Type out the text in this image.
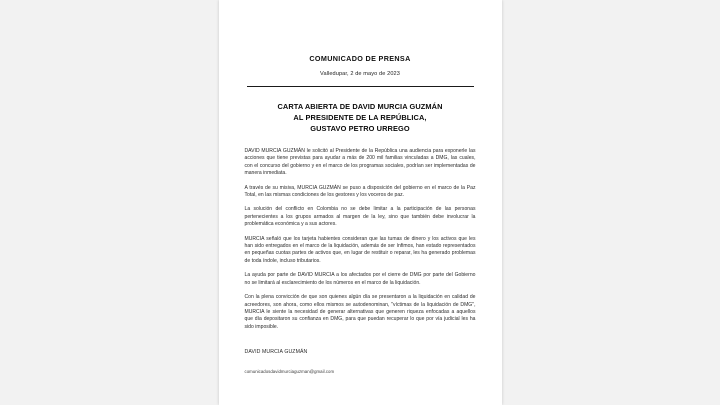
COMUNICADO DE PRENSA
Valledupar, 2 de mayo de 2023
CARTA ABIERTA DE DAVID MURCIA GUZMÁN
AL PRESIDENTE DE LA REPÚBLICA,
GUSTAVO PETRO URREGO

DAVID MURCIA GUZMÁN le solicitó al Presidente de la República una audiencia para exponerle las acciones que tiene previstas para ayudar a más de 200 mil familias vinculadas a DMG, las cuales, con el concurso del gobierno y en el marco de los programas sociales, podrían ser implementadas de manera inmediata.

A través de su misiva, MURCIA GUZMÁN se puso a disposición del gobierno en el marco de la Paz Total, en las mismas condiciones de los gestores y los voceros de paz.

La solución del conflicto en Colombia no se debe limitar a la participación de las personas pertenecientes a los grupos armados al margen de la ley, sino que también debe involucrar la problemática económica y a sus actores.

MURCIA señaló que los tarjeta habientes consideran que las tumas de dinero y los activos que les han sido entregados en el marco de la liquidación, además de ser ínfimos, han estado representados en pequeñas cuotas partes de activos que, en lugar de restituir o reparar, les ha generado problemas de toda índole, incluso tributarios.

La ayuda por parte de DAVID MURCIA a los afectados por el cierre de DMG por parte del Gobierno no se limitará al esclarecimiento de los números en el marco de la liquidación.

Con la plena convicción de que son quienes algún día se presentaron a la liquidación en calidad de acreedores, son ahora, como ellos mismos se autodenominan, "víctimas de la liquidación de DMG", MURCIA le siente la necesidad de generar alternativas que generen riqueza enfocadas a aquellos que día depositaron su confianza en DMG, para que puedan recuperar lo que por vía judicial les ha sido imposible.

DAVID MURCIA GUZMÁN
comunicadosdavidmurciaguzman@gmail.com
